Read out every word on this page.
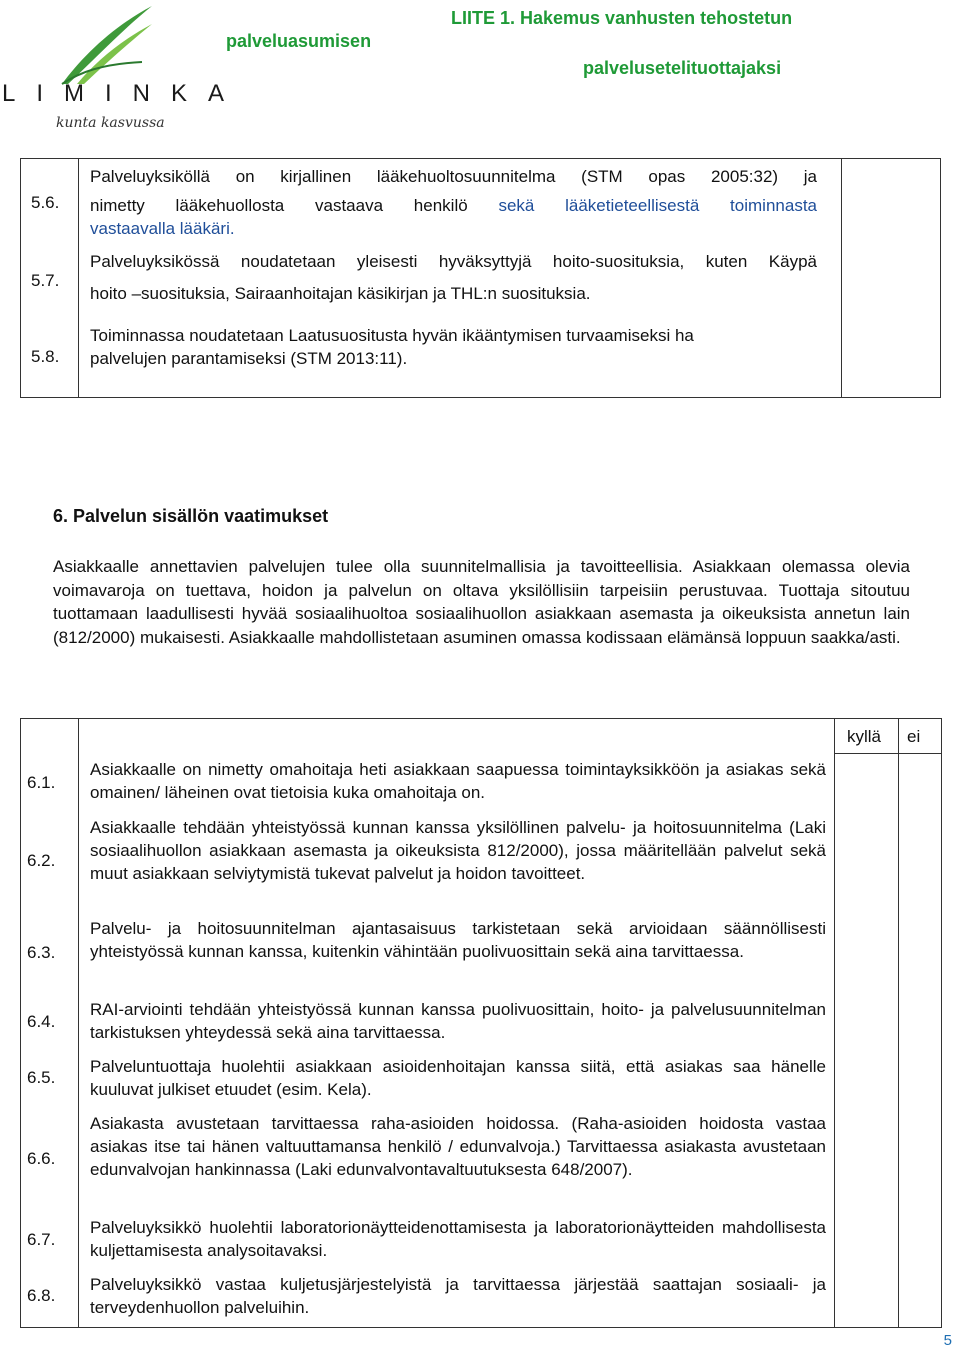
LIMINKA
kunta kasvussa
palveluasumisen
LIITE 1. Hakemus vanhusten tehostetun
palvelusetelituottajaksi
5.6.
Palveluyksiköllä on kirjallinen lääkehuoltosuunnitelma (STM opas 2005:32) ja
nimetty lääkehuollosta vastaava henkilö sekä lääketieteellisestä toiminnasta
vastaavalla lääkäri.
5.7.
Palveluyksikössä noudatetaan yleisesti hyväksyttyjä hoito-suosituksia, kuten Käypä
hoito –suosituksia, Sairaanhoitajan käsikirjan ja THL:n suosituksia.
5.8.
Toiminnassa noudatetaan Laatusuositusta hyvän ikääntymisen turvaamiseksi ha
palvelujen parantamiseksi (STM 2013:11).
6. Palvelun sisällön vaatimukset
Asiakkaalle annettavien palvelujen tulee olla suunnitelmallisia ja tavoitteellisia. Asiakkaan olemassa olevia voimavaroja on tuettava, hoidon ja palvelun on oltava yksilöllisiin tarpeisiin perustuvaa. Tuottaja sitoutuu tuottamaan laadullisesti hyvää sosiaalihuoltoa sosiaalihuollon asiakkaan asemasta ja oikeuksista annetun lain (812/2000) mukaisesti. Asiakkaalle mahdollistetaan asuminen omassa kodissaan elämänsä loppuun saakka/asti.
kyllä ei
6.1.
Asiakkaalle on nimetty omahoitaja heti asiakkaan saapuessa toimintayksikköön ja asiakas sekä omainen/ läheinen ovat tietoisia kuka omahoitaja on.
6.2.
Asiakkaalle tehdään yhteistyössä kunnan kanssa yksilöllinen palvelu- ja hoitosuunnitelma (Laki sosiaalihuollon asiakkaan asemasta ja oikeuksista 812/2000), jossa määritellään palvelut sekä muut asiakkaan selviytymistä tukevat palvelut ja hoidon tavoitteet.
6.3.
Palvelu- ja hoitosuunnitelman ajantasaisuus tarkistetaan sekä arvioidaan säännöllisesti yhteistyössä kunnan kanssa, kuitenkin vähintään puolivuosittain sekä aina tarvittaessa.
6.4.
RAI-arviointi tehdään yhteistyössä kunnan kanssa puolivuosittain, hoito- ja palvelusuunnitelman tarkistuksen yhteydessä sekä aina tarvittaessa.
6.5.
Palveluntuottaja huolehtii asiakkaan asioidenhoitajan kanssa siitä, että asiakas saa hänelle kuuluvat julkiset etuudet (esim. Kela).
6.6.
Asiakasta avustetaan tarvittaessa raha-asioiden hoidossa. (Raha-asioiden hoidosta vastaa asiakas itse tai hänen valtuuttamansa henkilö / edunvalvoja.) Tarvittaessa asiakasta avustetaan edunvalvojan hankinnassa (Laki edunvalvontavaltuutuksesta 648/2007).
6.7.
Palveluyksikkö huolehtii laboratorionäytteidenottamisesta ja laboratorionäytteiden mahdollisesta kuljettamisesta analysoitavaksi.
6.8.
Palveluyksikkö vastaa kuljetusjärjestelyistä ja tarvittaessa järjestää saattajan sosiaali- ja terveydenhuollon palveluihin.
5
